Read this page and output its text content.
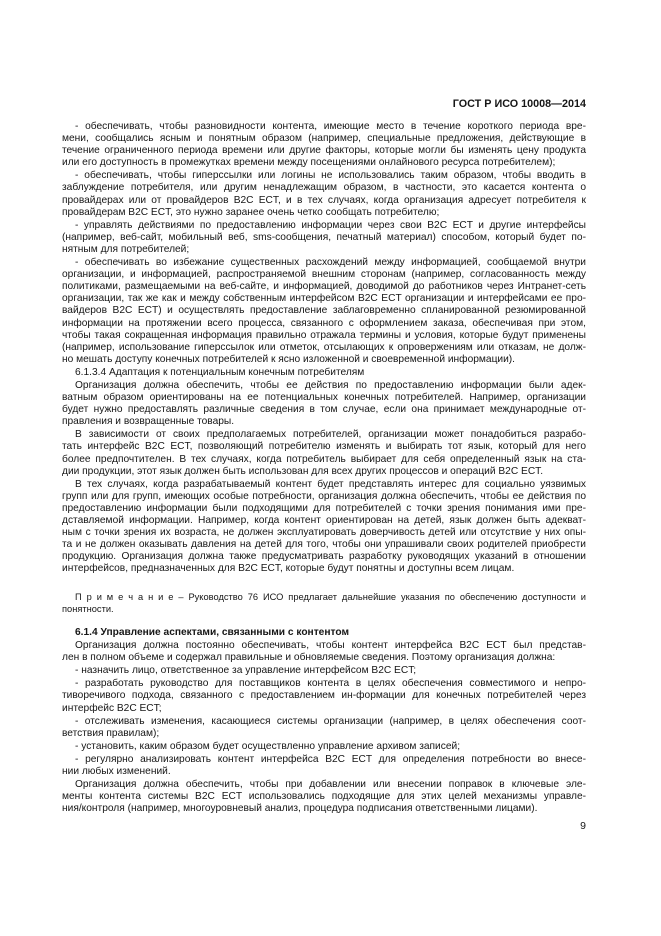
ГОСТ Р ИСО 10008—2014
- обеспечивать, чтобы разновидности контента, имеющие место в течение короткого периода вре-
мени, сообщались ясным и понятным образом (например, специальные предложения, действующие в
течение ограниченного периода времени или другие факторы, которые могли бы изменять цену продукта
или его доступность в промежутках времени между посещениями онлайнового ресурса потребителем);
- обеспечивать, чтобы гиперссылки или логины не использовались таким образом, чтобы вводить в
заблуждение потребителя, или другим ненадлежащим образом, в частности, это касается контента о
провайдерах или от провайдеров B2C ECT, и в тех случаях, когда организация адресует потребителя к
провайдерам B2C ECT, это нужно заранее очень четко сообщать потребителю;
- управлять действиями по предоставлению информации через свои B2C ECT и другие интерфейсы
(например, веб-сайт, мобильный веб, sms-сообщения, печатный материал) способом, который будет по-
нятным для потребителей;
- обеспечивать во избежание существенных расхождений между информацией, сообщаемой внутри
организации, и информацией, распространяемой внешним сторонам (например, согласованность между
политиками, размещаемыми на веб-сайте, и информацией, доводимой до работников через Интранет-сеть
организации, так же как и между собственным интерфейсом B2C ECT организации и интерфейсами ее про-
вайдеров B2C ECT) и осуществлять предоставление заблаговременно спланированной резюмированной
информации на протяжении всего процесса, связанного с оформлением заказа, обеспечивая при этом,
чтобы такая сокращенная информация правильно отражала термины и условия, которые будут применены
(например, использование гиперссылок или отметок, отсылающих к опровержениям или отказам, не долж-
но мешать доступу конечных потребителей к ясно изложенной и своевременной информации).
6.1.3.4 Адаптация к потенциальным конечным потребителям
Организация должна обеспечить, чтобы ее действия по предоставлению информации были адек-
ватным образом ориентированы на ее потенциальных конечных потребителей. Например, организации
будет нужно предоставлять различные сведения в том случае, если она принимает международные от-
правления и возвращенные товары.
В зависимости от своих предполагаемых потребителей, организации может понадобиться разрабо-
тать интерфейс B2C ECT, позволяющий потребителю изменять и выбирать тот язык, который для него
более предпочтителен. В тех случаях, когда потребитель выбирает для себя определенный язык на ста-
дии продукции, этот язык должен быть использован для всех других процессов и операций B2C ECT.
В тех случаях, когда разрабатываемый контент будет представлять интерес для социально уязвимых
групп или для групп, имеющих особые потребности, организация должна обеспечить, чтобы ее действия по
предоставлению информации были подходящими для потребителей с точки зрения понимания ими пре-
дставляемой информации. Например, когда контент ориентирован на детей, язык должен быть адекват-
ным с точки зрения их возраста, не должен эксплуатировать доверчивость детей или отсутствие у них опы-
та и не должен оказывать давления на детей для того, чтобы они упрашивали своих родителей приобрести
продукцию. Организация должна также предусматривать разработку руководящих указаний в отношении
интерфейсов, предназначенных для B2C ECT, которые будут понятны и доступны всем лицам.
П р и м е ч а н и е – Руководство 76 ИСО предлагает дальнейшие указания по обеспечению доступности и
понятности.
6.1.4 Управление аспектами, связанными с контентом
Организация должна постоянно обеспечивать, чтобы контент интерфейса B2C ECT был представ-
лен в полном объеме и содержал правильные и обновляемые сведения. Поэтому организация должна:
- назначить лицо, ответственное за управление интерфейсом B2C ECT;
- разработать руководство для поставщиков контента в целях обеспечения совместимого и непро-
тиворечивого подхода, связанного с предоставлением ин-формации для конечных потребителей через
интерфейс B2C ECT;
- отслеживать изменения, касающиеся системы организации (например, в целях обеспечения соот-
ветствия правилам);
- установить, каким образом будет осуществленно управление архивом записей;
- регулярно анализировать контент интерфейса B2C ECT для определения потребности во внесе-
нии любых изменений.
Организация должна обеспечить, чтобы при добавлении или внесении поправок в ключевые эле-
менты контента системы B2C ECT использовались подходящие для этих целей механизмы управле-
ния/контроля (например, многоуровневый анализ, процедура подписания ответственными лицами).
9
